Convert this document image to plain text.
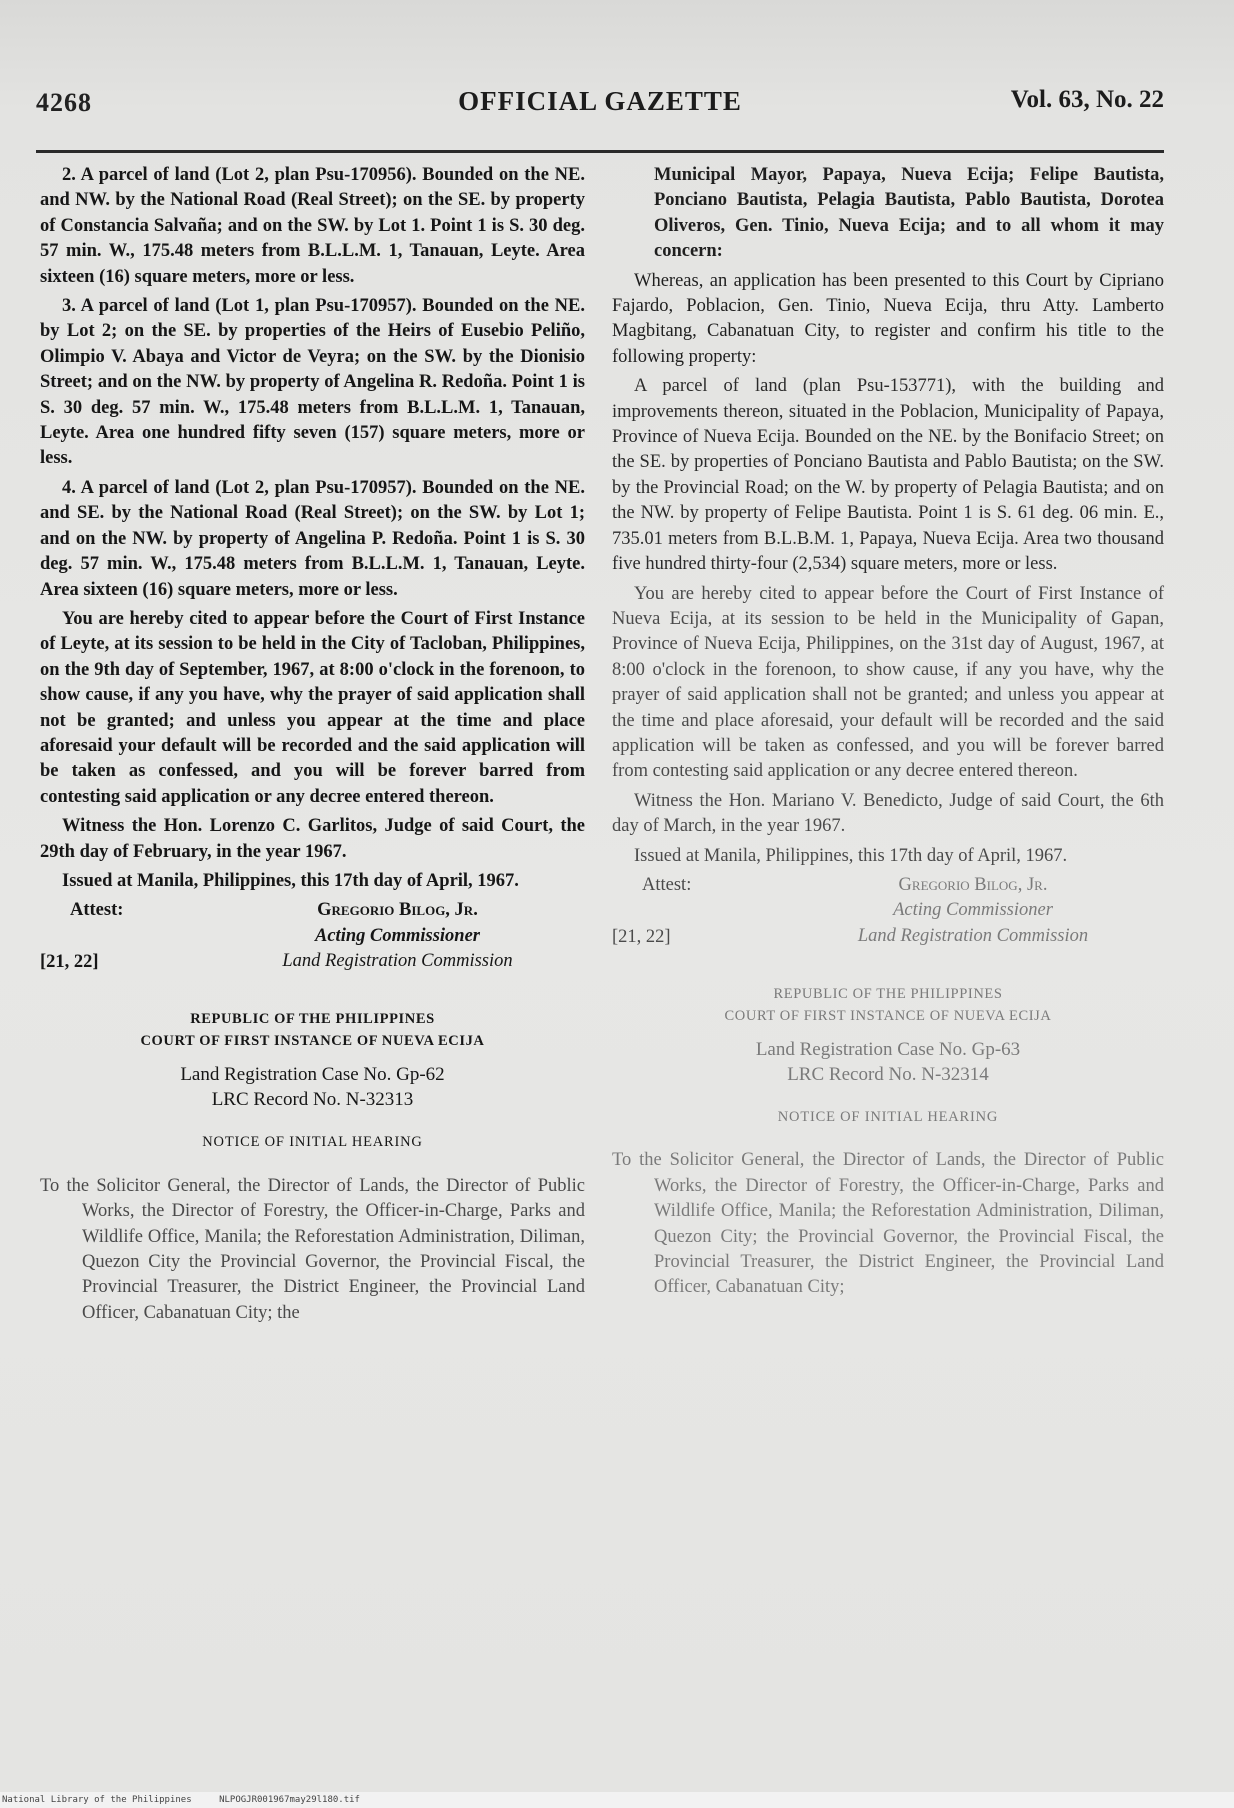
4268	OFFICIAL GAZETTE	Vol. 63, No. 22

2. A parcel of land (Lot 2, plan Psu-170956). Bounded on the NE. and NW. by the National Road (Real Street); on the SE. by property of Constancia Salvaña; and on the SW. by Lot 1. Point 1 is S. 30 deg. 57 min. W., 175.48 meters from B.L.L.M. 1, Tanauan, Leyte. Area sixteen (16) square meters, more or less.

3. A parcel of land (Lot 1, plan Psu-170957). Bounded on the NE. by Lot 2; on the SE. by properties of the Heirs of Eusebio Peliño, Olimpio V. Abaya and Victor de Veyra; on the SW. by the Dionisio Street; and on the NW. by property of Angelina R. Redoña. Point 1 is S. 30 deg. 57 min. W., 175.48 meters from B.L.L.M. 1, Tanauan, Leyte. Area one hundred fifty seven (157) square meters, more or less.

4. A parcel of land (Lot 2, plan Psu-170957). Bounded on the NE. and SE. by the National Road (Real Street); on the SW. by Lot 1; and on the NW. by property of Angelina P. Redoña. Point 1 is S. 30 deg. 57 min. W., 175.48 meters from B.L.L.M. 1, Tanauan, Leyte. Area sixteen (16) square meters, more or less.

You are hereby cited to appear before the Court of First Instance of Leyte, at its session to be held in the City of Tacloban, Philippines, on the 9th day of September, 1967, at 8:00 o'clock in the forenoon, to show cause, if any you have, why the prayer of said application shall not be granted; and unless you appear at the time and place aforesaid your default will be recorded and the said application will be taken as confessed, and you will be forever barred from contesting said application or any decree entered thereon.

Witness the Hon. Lorenzo C. Garlitos, Judge of said Court, the 29th day of February, in the year 1967.

Issued at Manila, Philippines, this 17th day of April, 1967.

Attest:
[21, 22]
Gregorio Bilog, Jr.
Acting Commissioner
Land Registration Commission
REPUBLIC OF THE PHILIPPINES
COURT OF FIRST INSTANCE OF NUEVA ECIJA
Land Registration Case No. Gp-62
LRC Record No. N-32313
NOTICE OF INITIAL HEARING

To the Solicitor General, the Director of Lands, the Director of Public Works, the Director of Forestry, the Officer-in-Charge, Parks and Wildlife Office, Manila; the Reforestation Administration, Diliman, Quezon City the Provincial Governor, the Provincial Fiscal, the Provincial Treasurer, the District Engineer, the Provincial Land Officer, Cabanatuan City; the

Municipal Mayor, Papaya, Nueva Ecija; Felipe Bautista, Ponciano Bautista, Pelagia Bautista, Pablo Bautista, Dorotea Oliveros, Gen. Tinio, Nueva Ecija; and to all whom it may concern:

Whereas, an application has been presented to this Court by Cipriano Fajardo, Poblacion, Gen. Tinio, Nueva Ecija, thru Atty. Lamberto Magbitang, Cabanatuan City, to register and confirm his title to the following property:

A parcel of land (plan Psu-153771), with the building and improvements thereon, situated in the Poblacion, Municipality of Papaya, Province of Nueva Ecija. Bounded on the NE. by the Bonifacio Street; on the SE. by properties of Ponciano Bautista and Pablo Bautista; on the SW. by the Provincial Road; on the W. by property of Pelagia Bautista; and on the NW. by property of Felipe Bautista. Point 1 is S. 61 deg. 06 min. E., 735.01 meters from B.L.B.M. 1, Papaya, Nueva Ecija. Area two thousand five hundred thirty-four (2,534) square meters, more or less.

You are hereby cited to appear before the Court of First Instance of Nueva Ecija, at its session to be held in the Municipality of Gapan, Province of Nueva Ecija, Philippines, on the 31st day of August, 1967, at 8:00 o'clock in the forenoon, to show cause, if any you have, why the prayer of said application shall not be granted; and unless you appear at the time and place aforesaid, your default will be recorded and the said application will be taken as confessed, and you will be forever barred from contesting said application or any decree entered thereon.

Witness the Hon. Mariano V. Benedicto, Judge of said Court, the 6th day of March, in the year 1967.

Issued at Manila, Philippines, this 17th day of April, 1967.

Attest:
[21, 22]
Gregorio Bilog, Jr.
Acting Commissioner
Land Registration Commission
REPUBLIC OF THE PHILIPPINES
COURT OF FIRST INSTANCE OF NUEVA ECIJA
Land Registration Case No. Gp-63
LRC Record No. N-32314
NOTICE OF INITIAL HEARING

To the Solicitor General, the Director of Lands, the Director of Public Works, the Director of Forestry, the Officer-in-Charge, Parks and Wildlife Office, Manila; the Reforestation Administration, Diliman, Quezon City; the Provincial Governor, the Provincial Fiscal, the Provincial Treasurer, the District Engineer, the Provincial Land Officer, Cabanatuan City;

National Library of the Philippines	NLPOGJR001967may29l180.tif
